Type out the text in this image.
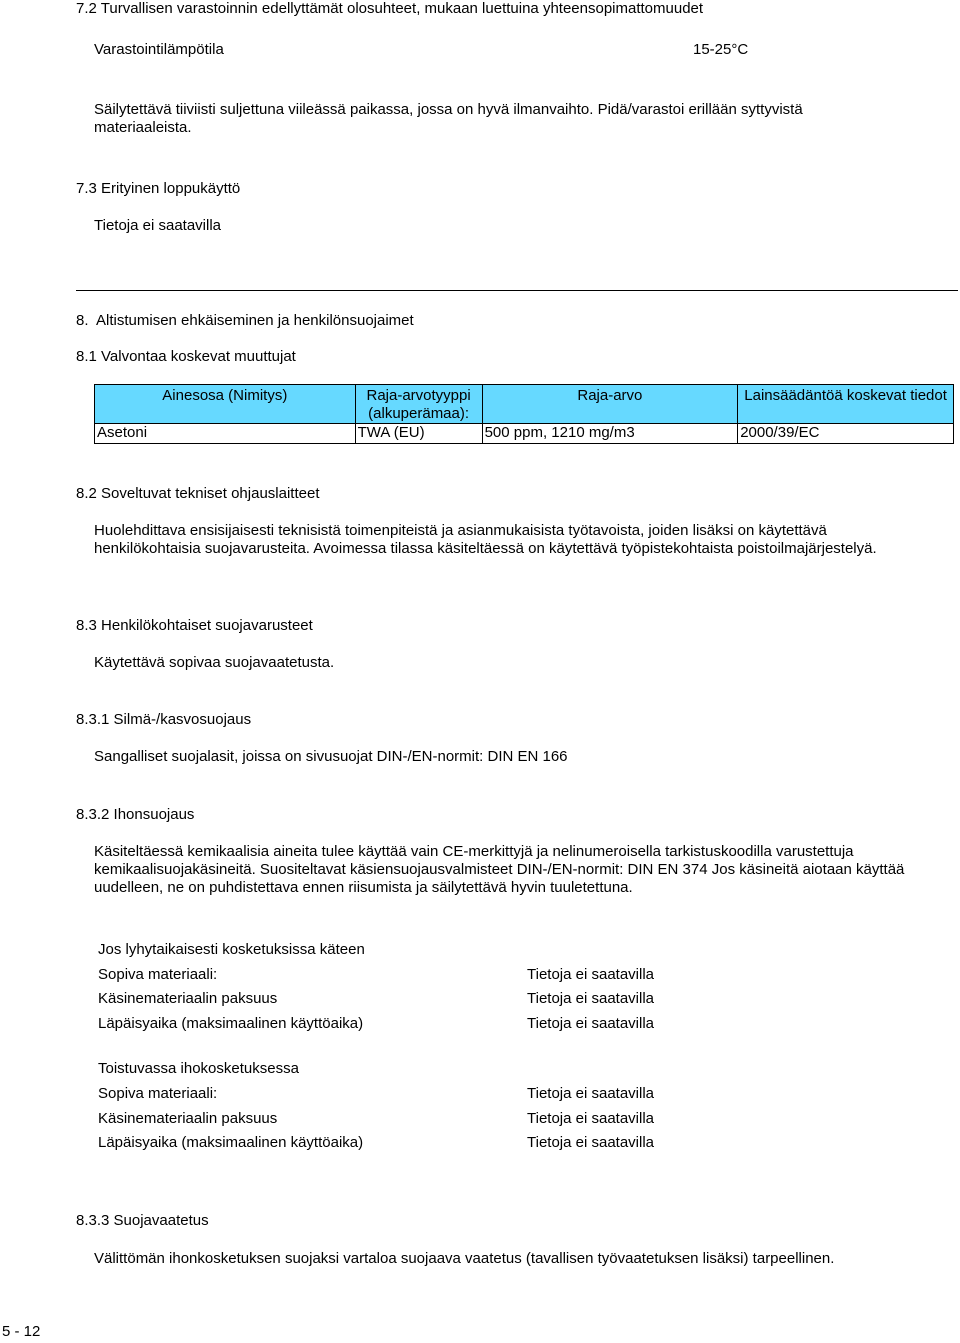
7.2 Turvallisen varastoinnin edellyttämät olosuhteet, mukaan luettuina yhteensopimattomuudet
Varastointilämpötila	15-25°C
Säilytettävä tiiviisti suljettuna viileässä paikassa, jossa on hyvä ilmanvaihto. Pidä/varastoi erillään syttyvistä materiaaleista.
7.3 Erityinen loppukäyttö
Tietoja ei saatavilla
8.  Altistumisen ehkäiseminen ja henkilönsuojaimet
8.1 Valvontaa koskevat muuttujat
Ainesosa (Nimitys)	Raja-arvotyyppi (alkuperämaa):	Raja-arvo	Lainsäädäntöä koskevat tiedot
Asetoni	TWA (EU)	500 ppm, 1210 mg/m3	2000/39/EC
8.2 Soveltuvat tekniset ohjauslaitteet
Huolehdittava ensisijaisesti teknisistä toimenpiteistä ja asianmukaisista työtavoista, joiden lisäksi on käytettävä henkilökohtaisia suojavarusteita. Avoimessa tilassa käsiteltäessä on käytettävä työpistekohtaista poistoilmajärjestelyä.
8.3 Henkilökohtaiset suojavarusteet
Käytettävä sopivaa suojavaatetusta.
8.3.1 Silmä-/kasvosuojaus
Sangalliset suojalasit, joissa on sivusuojat DIN-/EN-normit: DIN EN 166
8.3.2 Ihonsuojaus
Käsiteltäessä kemikaalisia aineita tulee käyttää vain CE-merkittyjä ja nelinumeroisella tarkistuskoodilla varustettuja kemikaalisuojakäsineitä. Suositeltavat käsiensuojausvalmisteet DIN-/EN-normit: DIN EN 374 Jos käsineitä aiotaan käyttää uudelleen, ne on puhdistettava ennen riisumista ja säilytettävä hyvin tuuletettuna.
Jos lyhytaikaisesti kosketuksissa käteen
Sopiva materiaali:	Tietoja ei saatavilla
Käsinemateriaalin paksuus	Tietoja ei saatavilla
Läpäisyaika (maksimaalinen käyttöaika)	Tietoja ei saatavilla
Toistuvassa ihokosketuksessa
Sopiva materiaali:	Tietoja ei saatavilla
Käsinemateriaalin paksuus	Tietoja ei saatavilla
Läpäisyaika (maksimaalinen käyttöaika)	Tietoja ei saatavilla
8.3.3 Suojavaatetus
Välittömän ihonkosketuksen suojaksi vartaloa suojaava vaatetus (tavallisen työvaatetuksen lisäksi) tarpeellinen.
5 - 12
